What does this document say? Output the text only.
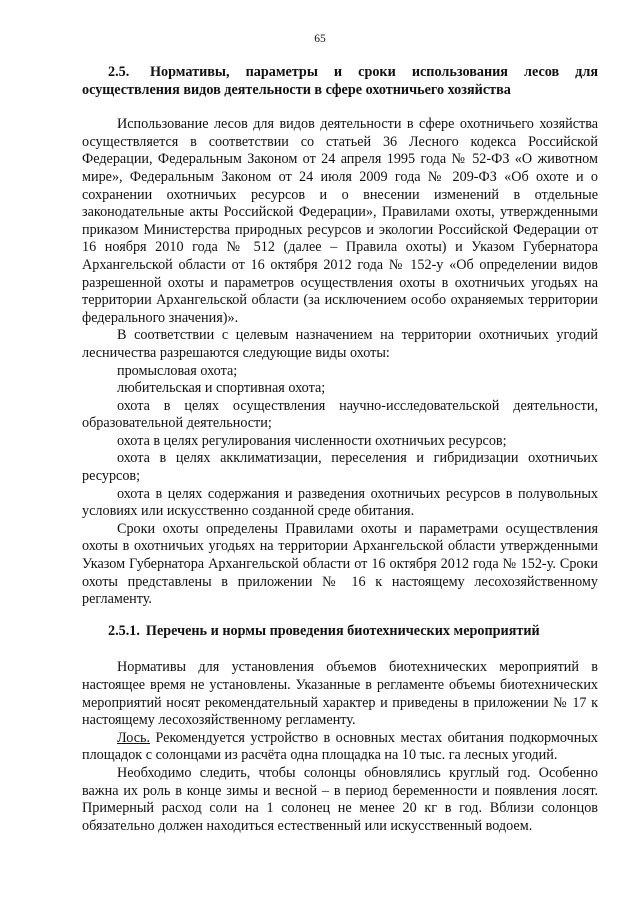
65

2.5. Нормативы, параметры и сроки использования лесов для осуществления видов деятельности в сфере охотничьего хозяйства

Использование лесов для видов деятельности в сфере охотничьего хозяйства осуществляется в соответствии со статьей 36 Лесного кодекса Российской Федерации, Федеральным Законом от 24 апреля 1995 года № 52-ФЗ «О животном мире», Федеральным Законом от 24 июля 2009 года № 209-ФЗ «Об охоте и о сохранении охотничьих ресурсов и о внесении изменений в отдельные законодательные акты Российской Федерации», Правилами охоты, утвержденными приказом Министерства природных ресурсов и экологии Российской Федерации от 16 ноября 2010 года № 512 (далее – Правила охоты) и Указом Губернатора Архангельской области от 16 октября 2012 года № 152-у «Об определении видов разрешенной охоты и параметров осуществления охоты в охотничьих угодьях на территории Архангельской области (за исключением особо охраняемых территории федерального значения)».

В соответствии с целевым назначением на территории охотничьих угодий лесничества разрешаются следующие виды охоты:

промысловая охота;

любительская и спортивная охота;

охота в целях осуществления научно-исследовательской деятельности, образовательной деятельности;

охота в целях регулирования численности охотничьих ресурсов;

охота в целях акклиматизации, переселения и гибридизации охотничьих ресурсов;

охота в целях содержания и разведения охотничьих ресурсов в полувольных условиях или искусственно созданной среде обитания.

Сроки охоты определены Правилами охоты и параметрами осуществления охоты в охотничьих угодьях на территории Архангельской области утвержденными Указом Губернатора Архангельской области от 16 октября 2012 года № 152-у. Сроки охоты представлены в приложении № 16 к настоящему лесохозяйственному регламенту.

2.5.1. Перечень и нормы проведения биотехнических мероприятий

Нормативы для установления объемов биотехнических мероприятий в настоящее время не установлены. Указанные в регламенте объемы биотехнических мероприятий носят рекомендательный характер и приведены в приложении № 17 к настоящему лесохозяйственному регламенту.

Лось. Рекомендуется устройство в основных местах обитания подкормочных площадок с солонцами из расчёта одна площадка на 10 тыс. га лесных угодий.

Необходимо следить, чтобы солонцы обновлялись круглый год. Особенно важна их роль в конце зимы и весной – в период беременности и появления лосят. Примерный расход соли на 1 солонец не менее 20 кг в год. Вблизи солонцов обязательно должен находиться естественный или искусственный водоем.
